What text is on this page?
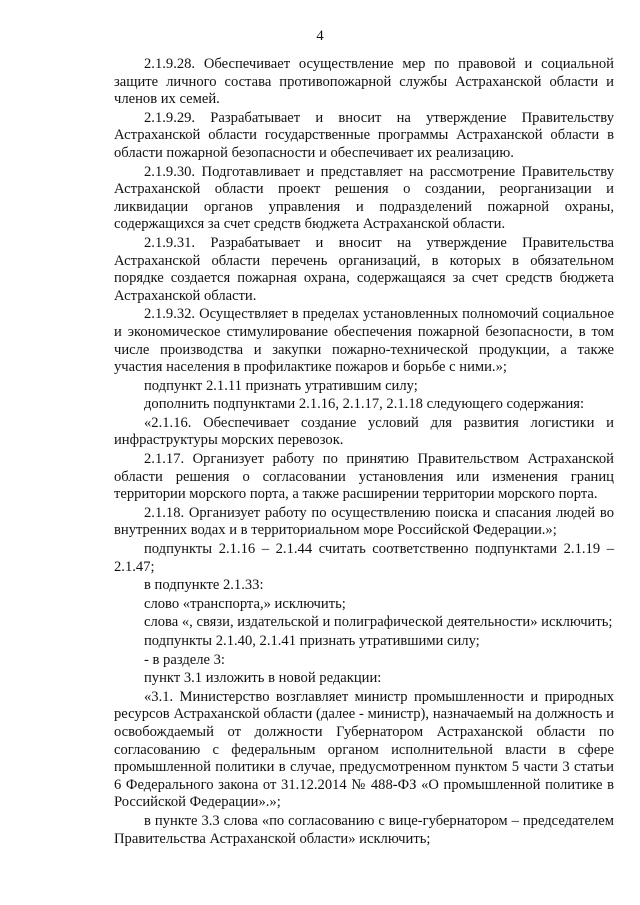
4

2.1.9.28. Обеспечивает осуществление мер по правовой и социальной защите личного состава противопожарной службы Астраханской области и членов их семей.

2.1.9.29. Разрабатывает и вносит на утверждение Правительству Астраханской области государственные программы Астраханской области в области пожарной безопасности и обеспечивает их реализацию.

2.1.9.30. Подготавливает и представляет на рассмотрение Правительству Астраханской области проект решения о создании, реорганизации и ликвидации органов управления и подразделений пожарной охраны, содержащихся за счет средств бюджета Астраханской области.

2.1.9.31. Разрабатывает и вносит на утверждение Правительства Астраханской области перечень организаций, в которых в обязательном порядке создается пожарная охрана, содержащаяся за счет средств бюджета Астраханской области.

2.1.9.32. Осуществляет в пределах установленных полномочий социальное и экономическое стимулирование обеспечения пожарной безопасности, в том числе производства и закупки пожарно-технической продукции, а также участия населения в профилактике пожаров и борьбе с ними.»;

подпункт 2.1.11 признать утратившим силу;

дополнить подпунктами 2.1.16, 2.1.17, 2.1.18 следующего содержания:

«2.1.16. Обеспечивает создание условий для развития логистики и инфраструктуры морских перевозок.

2.1.17. Организует работу по принятию Правительством Астраханской области решения о согласовании установления или изменения границ территории морского порта, а также расширении территории морского порта.

2.1.18. Организует работу по осуществлению поиска и спасания людей во внутренних водах и в территориальном море Российской Федерации.»;

подпункты 2.1.16 – 2.1.44 считать соответственно подпунктами 2.1.19 – 2.1.47;

в подпункте 2.1.33:

слово «транспорта,» исключить;

слова «, связи, издательской и полиграфической деятельности» исключить;

подпункты 2.1.40, 2.1.41 признать утратившими силу;

- в разделе 3:

пункт 3.1 изложить в новой редакции:

«3.1. Министерство возглавляет министр промышленности и природных ресурсов Астраханской области (далее - министр), назначаемый на должность и освобождаемый от должности Губернатором Астраханской области по согласованию с федеральным органом исполнительной власти в сфере промышленной политики в случае, предусмотренном пунктом 5 части 3 статьи 6 Федерального закона от 31.12.2014 № 488-ФЗ «О промышленной политике в Российской Федерации».»;

в пункте 3.3 слова «по согласованию с вице-губернатором – председателем Правительства Астраханской области» исключить;
